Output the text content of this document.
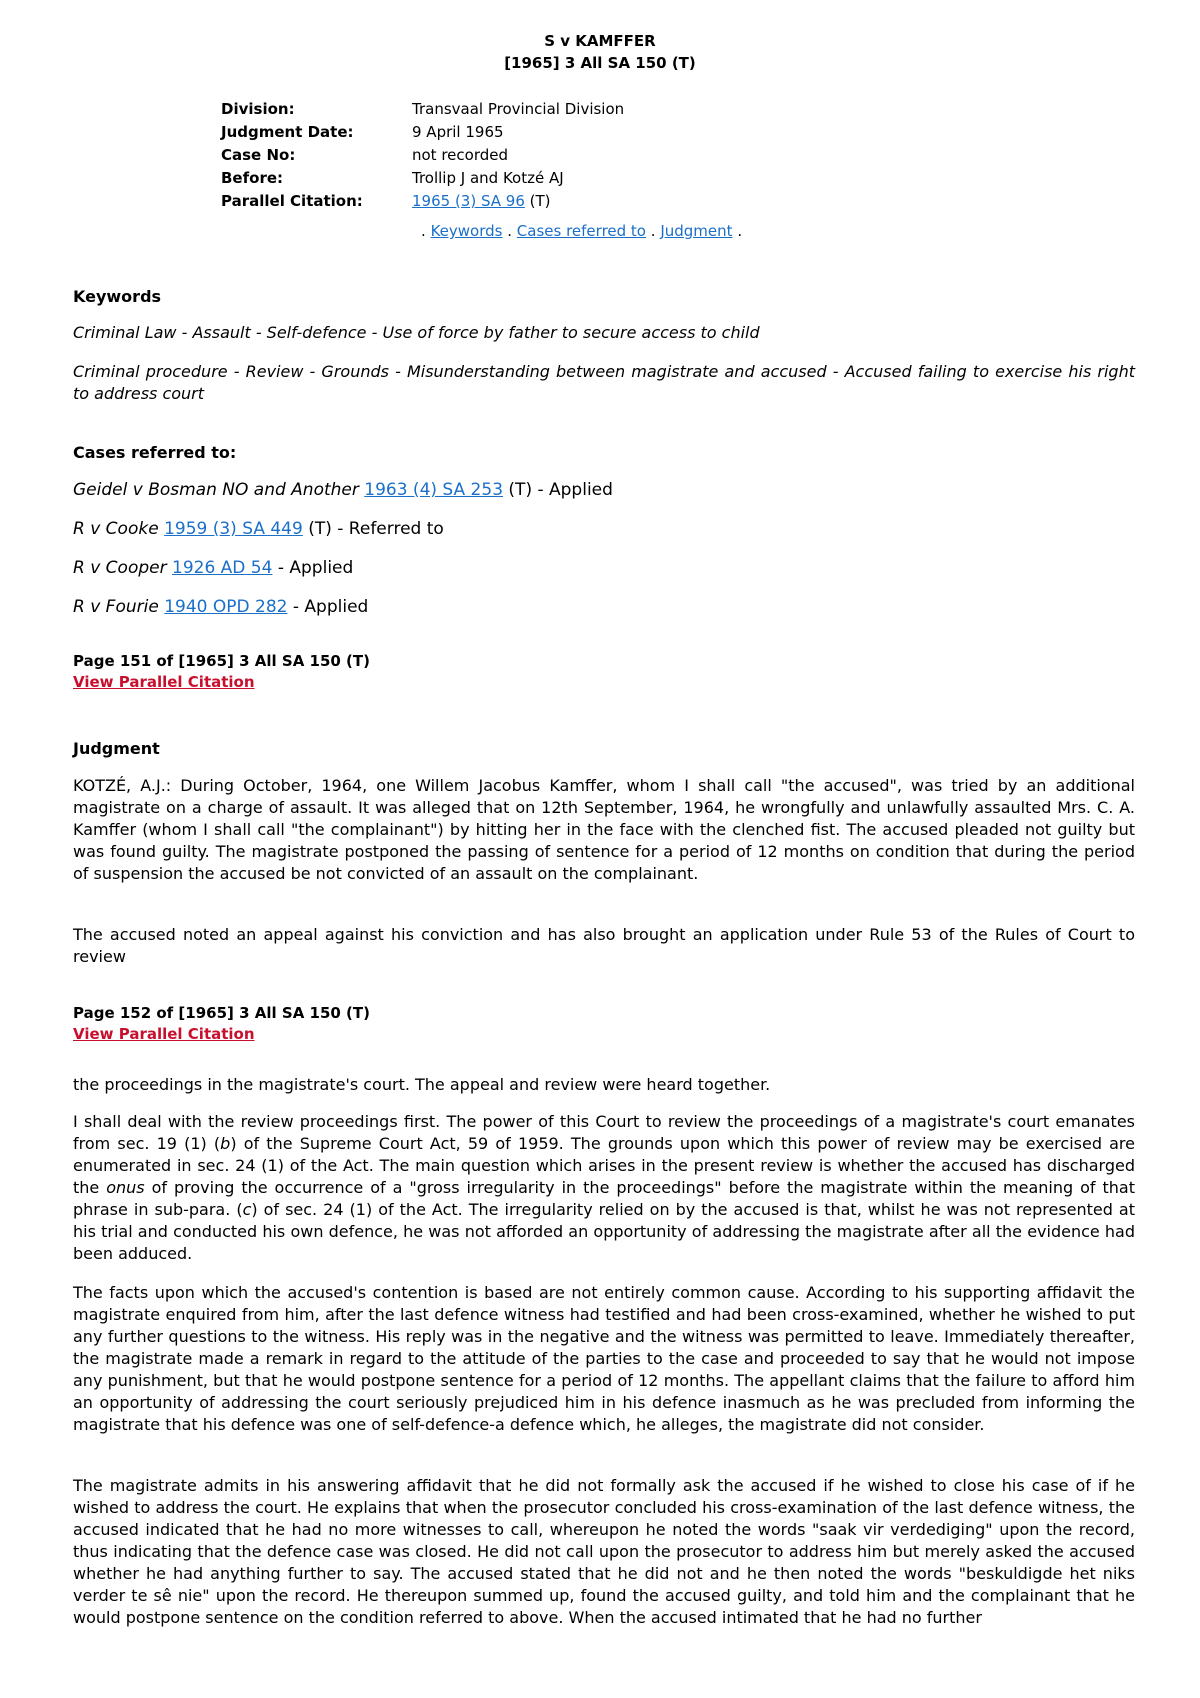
S v KAMFFER
[1965] 3 All SA 150 (T)
Division:	Transvaal Provincial Division
Judgment Date:	9 April 1965
Case No:	not recorded
Before:	Trollip J and Kotzé AJ
Parallel Citation:	1965 (3) SA 96 (T)
. Keywords . Cases referred to . Judgment .
Keywords
Criminal Law - Assault - Self-defence - Use of force by father to secure access to child
Criminal procedure - Review - Grounds - Misunderstanding between magistrate and accused - Accused failing to exercise his right to address court
Cases referred to:
Geidel v Bosman NO and Another 1963 (4) SA 253 (T) - Applied
R v Cooke 1959 (3) SA 449 (T) - Referred to
R v Cooper 1926 AD 54 - Applied
R v Fourie 1940 OPD 282 - Applied
Page 151 of [1965] 3 All SA 150 (T)
View Parallel Citation
Judgment
KOTZÉ, A.J.: During October, 1964, one Willem Jacobus Kamffer, whom I shall call "the accused", was tried by an additional magistrate on a charge of assault. It was alleged that on 12th September, 1964, he wrongfully and unlawfully assaulted Mrs. C. A. Kamffer (whom I shall call "the complainant") by hitting her in the face with the clenched fist. The accused pleaded not guilty but was found guilty. The magistrate postponed the passing of sentence for a period of 12 months on condition that during the period of suspension the accused be not convicted of an assault on the complainant.
The accused noted an appeal against his conviction and has also brought an application under Rule 53 of the Rules of Court to review
Page 152 of [1965] 3 All SA 150 (T)
View Parallel Citation
the proceedings in the magistrate's court. The appeal and review were heard together.
I shall deal with the review proceedings first. The power of this Court to review the proceedings of a magistrate's court emanates from sec. 19 (1) (b) of the Supreme Court Act, 59 of 1959. The grounds upon which this power of review may be exercised are enumerated in sec. 24 (1) of the Act. The main question which arises in the present review is whether the accused has discharged the onus of proving the occurrence of a "gross irregularity in the proceedings" before the magistrate within the meaning of that phrase in sub-para. (c) of sec. 24 (1) of the Act. The irregularity relied on by the accused is that, whilst he was not represented at his trial and conducted his own defence, he was not afforded an opportunity of addressing the magistrate after all the evidence had been adduced.
The facts upon which the accused's contention is based are not entirely common cause. According to his supporting affidavit the magistrate enquired from him, after the last defence witness had testified and had been cross-examined, whether he wished to put any further questions to the witness. His reply was in the negative and the witness was permitted to leave. Immediately thereafter, the magistrate made a remark in regard to the attitude of the parties to the case and proceeded to say that he would not impose any punishment, but that he would postpone sentence for a period of 12 months. The appellant claims that the failure to afford him an opportunity of addressing the court seriously prejudiced him in his defence inasmuch as he was precluded from informing the magistrate that his defence was one of self-defence-a defence which, he alleges, the magistrate did not consider.
The magistrate admits in his answering affidavit that he did not formally ask the accused if he wished to close his case of if he wished to address the court. He explains that when the prosecutor concluded his cross-examination of the last defence witness, the accused indicated that he had no more witnesses to call, whereupon he noted the words "saak vir verdediging" upon the record, thus indicating that the defence case was closed. He did not call upon the prosecutor to address him but merely asked the accused whether he had anything further to say. The accused stated that he did not and he then noted the words "beskuldigde het niks verder te sê nie" upon the record. He thereupon summed up, found the accused guilty, and told him and the complainant that he would postpone sentence on the condition referred to above. When the accused intimated that he had no further
